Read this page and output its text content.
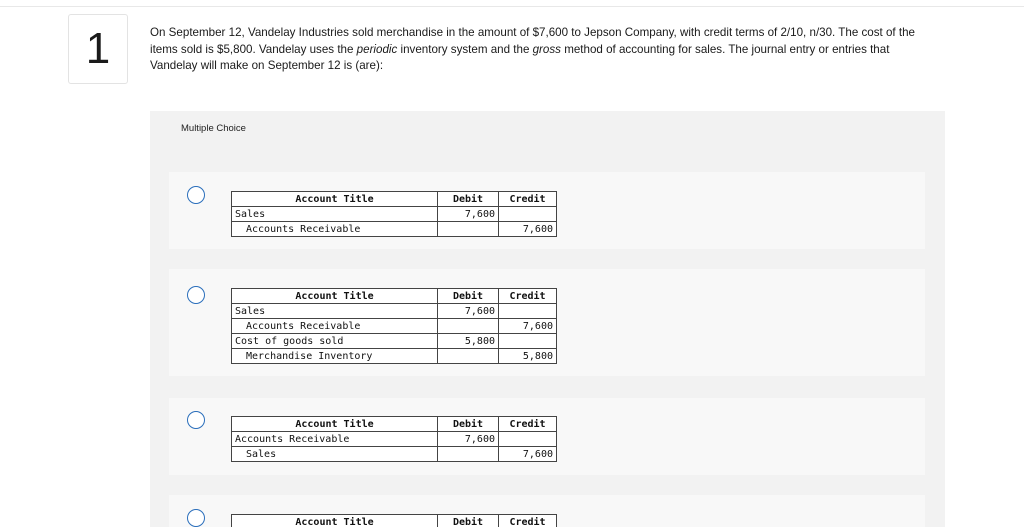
1	On September 12, Vandelay Industries sold merchandise in the amount of $7,600 to Jepson Company, with credit terms of 2/10, n/30. The cost of the items sold is $5,800. Vandelay uses the periodic inventory system and the gross method of accounting for sales. The journal entry or entries that Vandelay will make on September 12 is (are):
Multiple Choice
Account Title	Debit	Credit
Sales	7,600	
Accounts Receivable		7,600
Account Title	Debit	Credit
Sales	7,600	
Accounts Receivable		7,600
Cost of goods sold	5,800	
Merchandise Inventory		5,800
Account Title	Debit	Credit
Accounts Receivable	7,600	
Sales		7,600
Account Title	Debit	Credit
